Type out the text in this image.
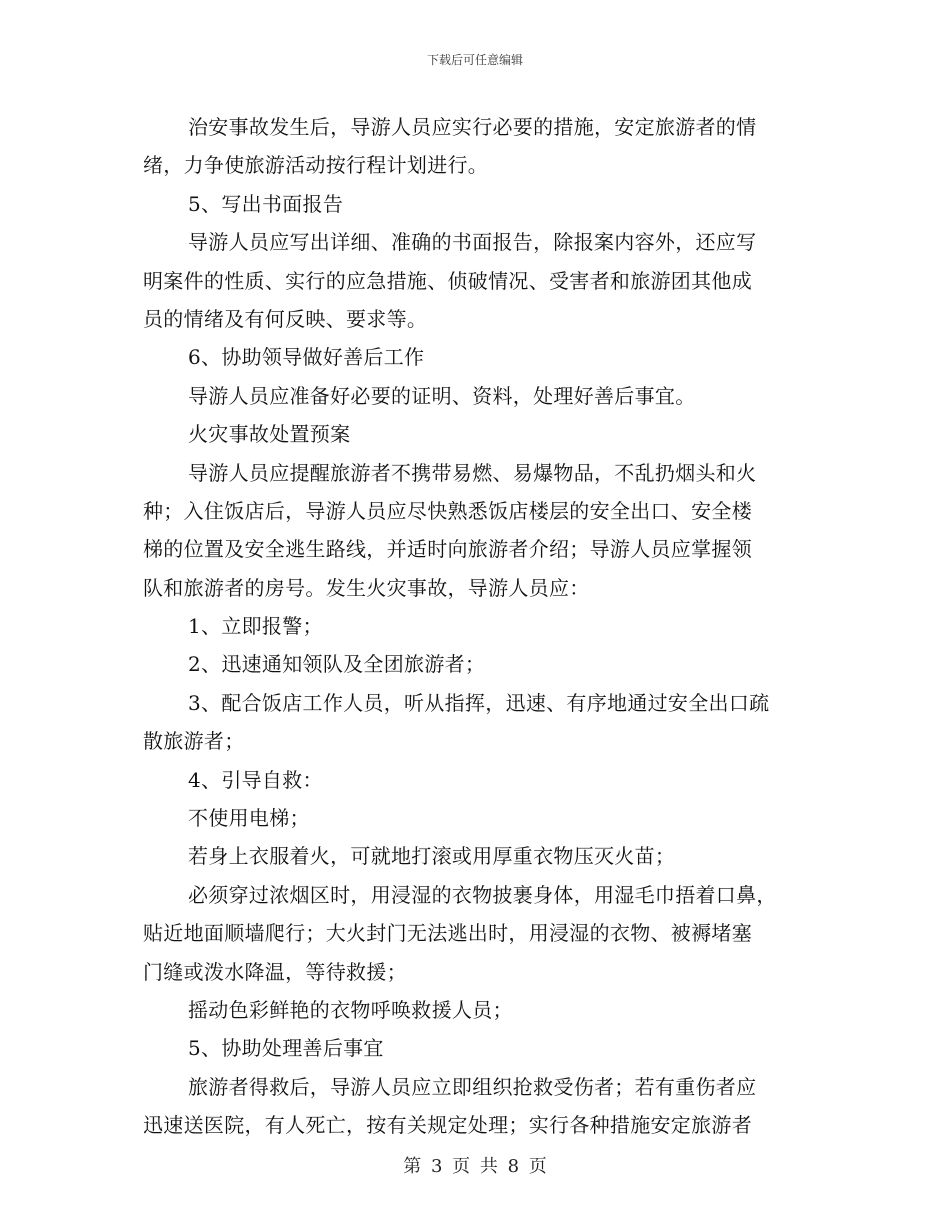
下载后可任意编辑
治安事故发生后，导游人员应实行必要的措施，安定旅游者的情
绪，力争使旅游活动按行程计划进行。
5、写出书面报告
导游人员应写出详细、准确的书面报告，除报案内容外，还应写
明案件的性质、实行的应急措施、侦破情况、受害者和旅游团其他成
员的情绪及有何反映、要求等。
6、协助领导做好善后工作
导游人员应准备好必要的证明、资料，处理好善后事宜。
火灾事故处置预案
导游人员应提醒旅游者不携带易燃、易爆物品，不乱扔烟头和火
种；入住饭店后，导游人员应尽快熟悉饭店楼层的安全出口、安全楼
梯的位置及安全逃生路线，并适时向旅游者介绍；导游人员应掌握领
队和旅游者的房号。发生火灾事故，导游人员应：
1、立即报警；
2、迅速通知领队及全团旅游者；
3、配合饭店工作人员，听从指挥，迅速、有序地通过安全出口疏
散旅游者；
4、引导自救：
不使用电梯；
若身上衣服着火，可就地打滚或用厚重衣物压灭火苗；
必须穿过浓烟区时，用浸湿的衣物披裹身体，用湿毛巾捂着口鼻，
贴近地面顺墙爬行；大火封门无法逃出时，用浸湿的衣物、被褥堵塞
门缝或泼水降温，等待救援；
摇动色彩鲜艳的衣物呼唤救援人员；
5、协助处理善后事宜
旅游者得救后，导游人员应立即组织抢救受伤者；若有重伤者应
迅速送医院，有人死亡，按有关规定处理；实行各种措施安定旅游者
第 3 页 共 8 页
